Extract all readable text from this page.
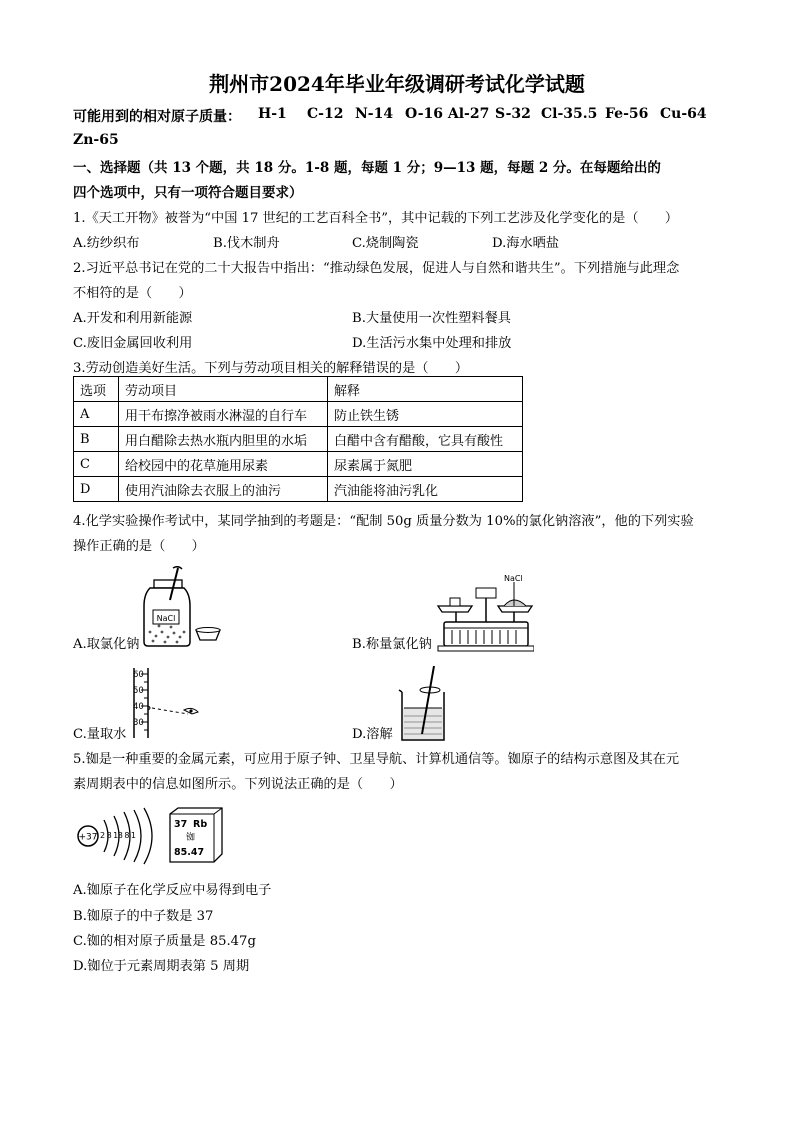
荆州市2024年毕业年级调研考试化学试题
可能用到的相对原子质量： H-1 C-12 N-14 O-16 Al-27 S-32 Cl-35.5 Fe-56 Cu-64
Zn-65
一、选择题（共 13 个题，共 18 分。1-8 题，每题 1 分；9—13 题，每题 2 分。在每题给出的
四个选项中，只有一项符合题目要求）
1.《天工开物》被誉为“中国 17 世纪的工艺百科全书”，其中记载的下列工艺涉及化学变化的是（　　）
A.纺纱织布	B.伐木制舟	C.烧制陶瓷	D.海水晒盐
2.习近平总书记在党的二十大报告中指出：“推动绿色发展，促进人与自然和谐共生”。下列措施与此理念
不相符的是（　　）
A.开发和利用新能源	B.大量使用一次性塑料餐具
C.废旧金属回收利用	D.生活污水集中处理和排放
3.劳动创造美好生活。下列与劳动项目相关的解释错误的是（　　）
选项	劳动项目	解释
A	用干布擦净被雨水淋湿的自行车	防止铁生锈
B	用白醋除去热水瓶内胆里的水垢	白醋中含有醋酸，它具有酸性
C	给校园中的花草施用尿素	尿素属于氮肥
D	使用汽油除去衣服上的油污	汽油能将油污乳化
4.化学实验操作考试中，某同学抽到的考题是：“配制 50g 质量分数为 10%的氯化钠溶液”，他的下列实验
操作正确的是（　　）
NaCl
A.取氯化钠
NaCl
B.称量氯化钠
60
50
40
30
C.量取水	D.溶解
5.铷是一种重要的金属元素，可应用于原子钟、卫星导航、计算机通信等。铷原子的结构示意图及其在元
素周期表中的信息如图所示。下列说法正确的是（　　）
+37 2 8 18 8 1
37 Rb
铷
85.47
A.铷原子在化学反应中易得到电子
B.铷原子的中子数是 37
C.铷的相对原子质量是 85.47g
D.铷位于元素周期表第 5 周期
